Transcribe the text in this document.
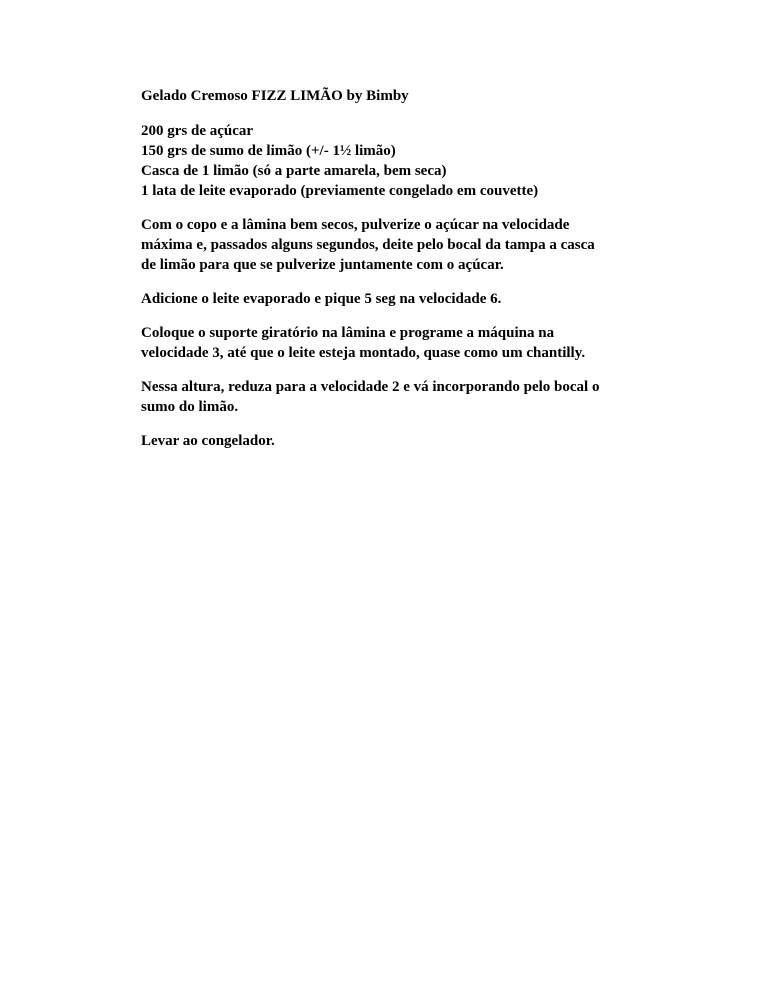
Gelado Cremoso FIZZ LIMÃO by Bimby

200 grs de açúcar
150 grs de sumo de limão (+/- 1½ limão)
Casca de 1 limão (só a parte amarela, bem seca)
1 lata de leite evaporado (previamente congelado em couvette)

Com o copo e a lâmina bem secos, pulverize o açúcar na velocidade
máxima e, passados alguns segundos, deite pelo bocal da tampa a casca
de limão para que se pulverize juntamente com o açúcar.

Adicione o leite evaporado e pique 5 seg na velocidade 6.

Coloque o suporte giratório na lâmina e programe a máquina na
velocidade 3, até que o leite esteja montado, quase como um chantilly.

Nessa altura, reduza para a velocidade 2 e vá incorporando pelo bocal o
sumo do limão.

Levar ao congelador.
